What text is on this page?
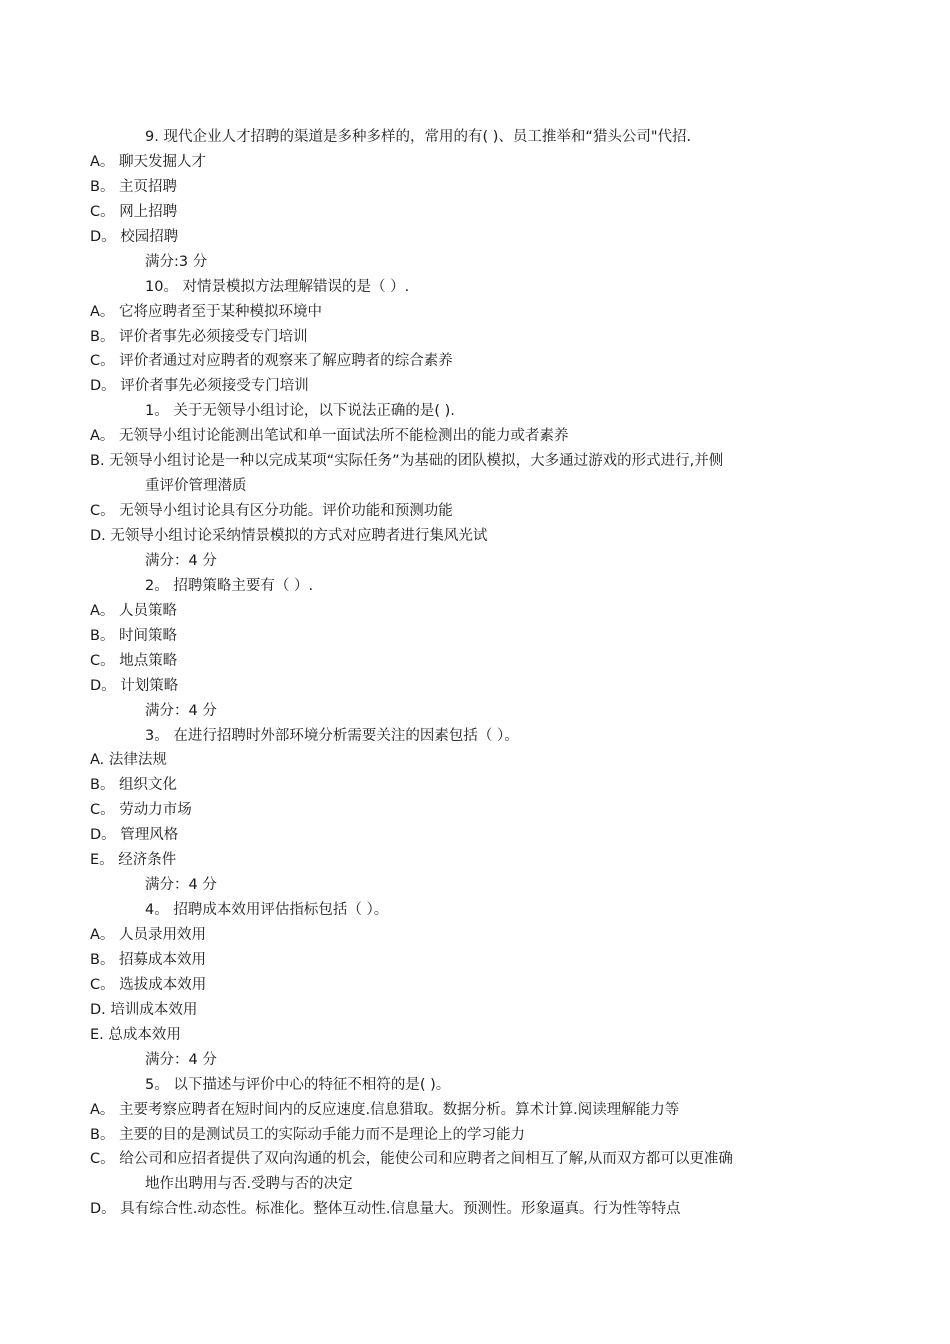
9. 现代企业人才招聘的渠道是多种多样的，常用的有( )、员工推举和“猎头公司"代招.
A。 聊天发掘人才
B。 主页招聘
C。 网上招聘
D。 校园招聘
满分:3 分
10。 对情景模拟方法理解错误的是（ ）.
A。 它将应聘者至于某种模拟环境中
B。 评价者事先必须接受专门培训
C。 评价者通过对应聘者的观察来了解应聘者的综合素养
D。 评价者事先必须接受专门培训
1。 关于无领导小组讨论，以下说法正确的是( ).
A。 无领导小组讨论能测出笔试和单一面试法所不能检测出的能力或者素养
B. 无领导小组讨论是一种以完成某项“实际任务”为基础的团队模拟，大多通过游戏的形式进行,并侧
重评价管理潜质
C。 无领导小组讨论具有区分功能。评价功能和预测功能
D. 无领导小组讨论采纳情景模拟的方式对应聘者进行集风光试
满分：4 分
2。 招聘策略主要有（ ）.
A。 人员策略
B。 时间策略
C。 地点策略
D。 计划策略
满分：4 分
3。 在进行招聘时外部环境分析需要关注的因素包括（ ）。
A. 法律法规
B。 组织文化
C。 劳动力市场
D。 管理风格
E。 经济条件
满分：4 分
4。 招聘成本效用评估指标包括（ ）。
A。 人员录用效用
B。 招募成本效用
C。 选拔成本效用
D. 培训成本效用
E. 总成本效用
满分：4 分
5。 以下描述与评价中心的特征不相符的是( )。
A。 主要考察应聘者在短时间内的反应速度.信息猎取。数据分析。算术计算.阅读理解能力等
B。 主要的目的是测试员工的实际动手能力而不是理论上的学习能力
C。 给公司和应招者提供了双向沟通的机会，能使公司和应聘者之间相互了解,从而双方都可以更准确
地作出聘用与否.受聘与否的决定
D。 具有综合性.动态性。标准化。整体互动性.信息量大。预测性。形象逼真。行为性等特点
